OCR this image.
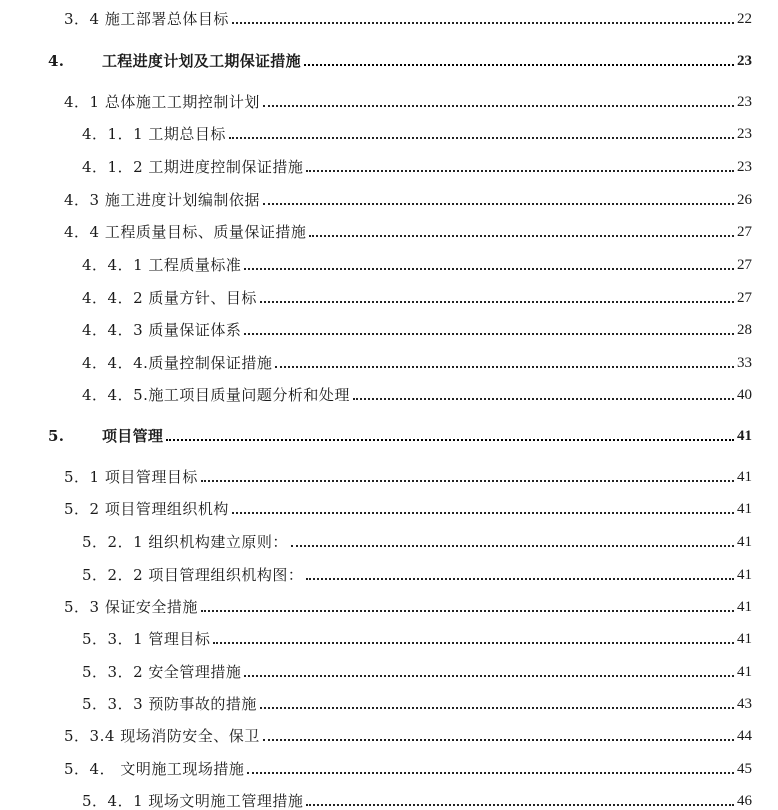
3．4 施工部署总体目标	22
4.	工程进度计划及工期保证措施	23
4．1 总体施工工期控制计划	23
4．1．1 工期总目标	23
4．1．2 工期进度控制保证措施	23
4．3 施工进度计划编制依据	26
4．4 工程质量目标、质量保证措施	27
4．4．1 工程质量标准	27
4．4．2 质量方针、目标	27
4．4．3 质量保证体系	28
4．4．4.质量控制保证措施	33
4．4．5.施工项目质量问题分析和处理	40
5.	项目管理	41
5．1 项目管理目标	41
5．2 项目管理组织机构	41
5．2．1 组织机构建立原则：	41
5．2．2 项目管理组织机构图：	41
5．3 保证安全措施	41
5．3．1 管理目标	41
5．3．2 安全管理措施	41
5．3．3 预防事故的措施	43
5．3.4 现场消防安全、保卫	44
5．4． 文明施工现场措施	45
5．4．1 现场文明施工管理措施	46
